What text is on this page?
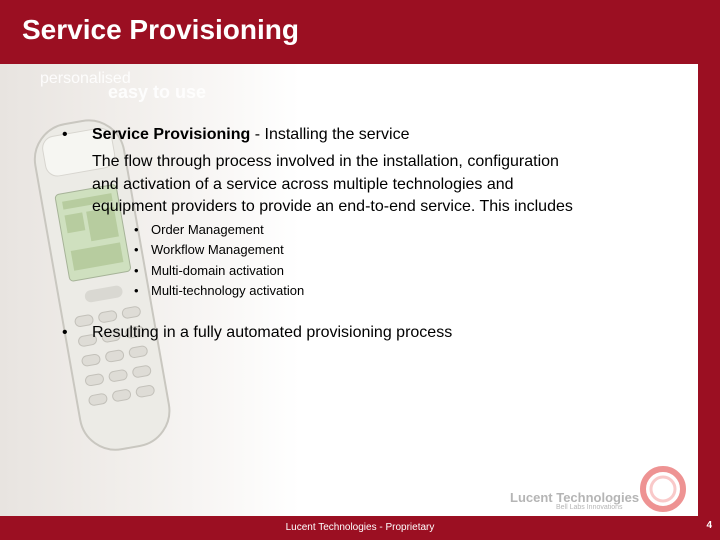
Service Provisioning
personalised
easy to use
• Service Provisioning - Installing the service
The flow through process involved in the installation, configuration
and activation of a service across multiple technologies and
equipment providers to provide an end-to-end service. This includes
• Order Management
• Workflow Management
• Multi-domain activation
• Multi-technology activation
• Resulting in a fully automated provisioning process
Lucent Technologies
Bell Labs Innovations
Lucent Technologies - Proprietary	4
